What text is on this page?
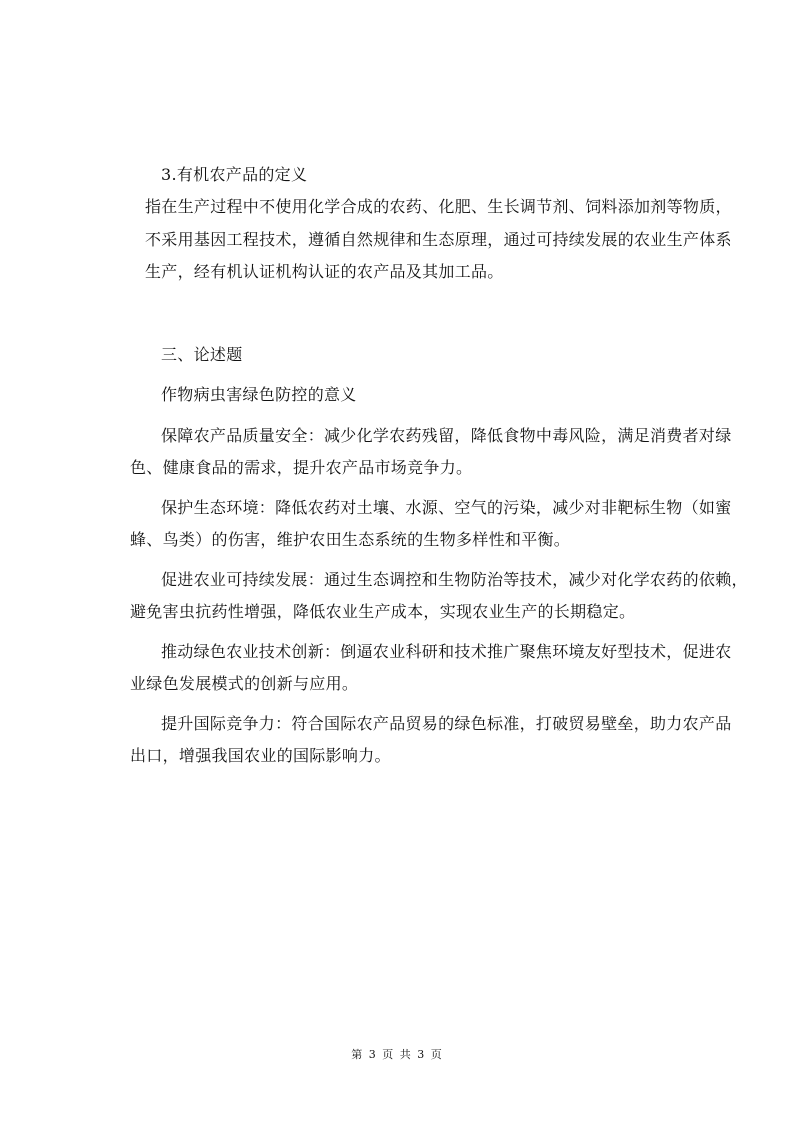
3.有机农产品的定义
指在生产过程中不使用化学合成的农药、化肥、生长调节剂、饲料添加剂等物质，
不采用基因工程技术，遵循自然规律和生态原理，通过可持续发展的农业生产体系
生产，经有机认证机构认证的农产品及其加工品。
三、论述题
作物病虫害绿色防控的意义
保障农产品质量安全：减少化学农药残留，降低食物中毒风险，满足消费者对绿
色、健康食品的需求，提升农产品市场竞争力。
保护生态环境：降低农药对土壤、水源、空气的污染，减少对非靶标生物（如蜜
蜂、鸟类）的伤害，维护农田生态系统的生物多样性和平衡。
促进农业可持续发展：通过生态调控和生物防治等技术，减少对化学农药的依赖，
避免害虫抗药性增强，降低农业生产成本，实现农业生产的长期稳定。
推动绿色农业技术创新：倒逼农业科研和技术推广聚焦环境友好型技术，促进农
业绿色发展模式的创新与应用。
提升国际竞争力：符合国际农产品贸易的绿色标准，打破贸易壁垒，助力农产品
出口，增强我国农业的国际影响力。
第 3 页 共 3 页
